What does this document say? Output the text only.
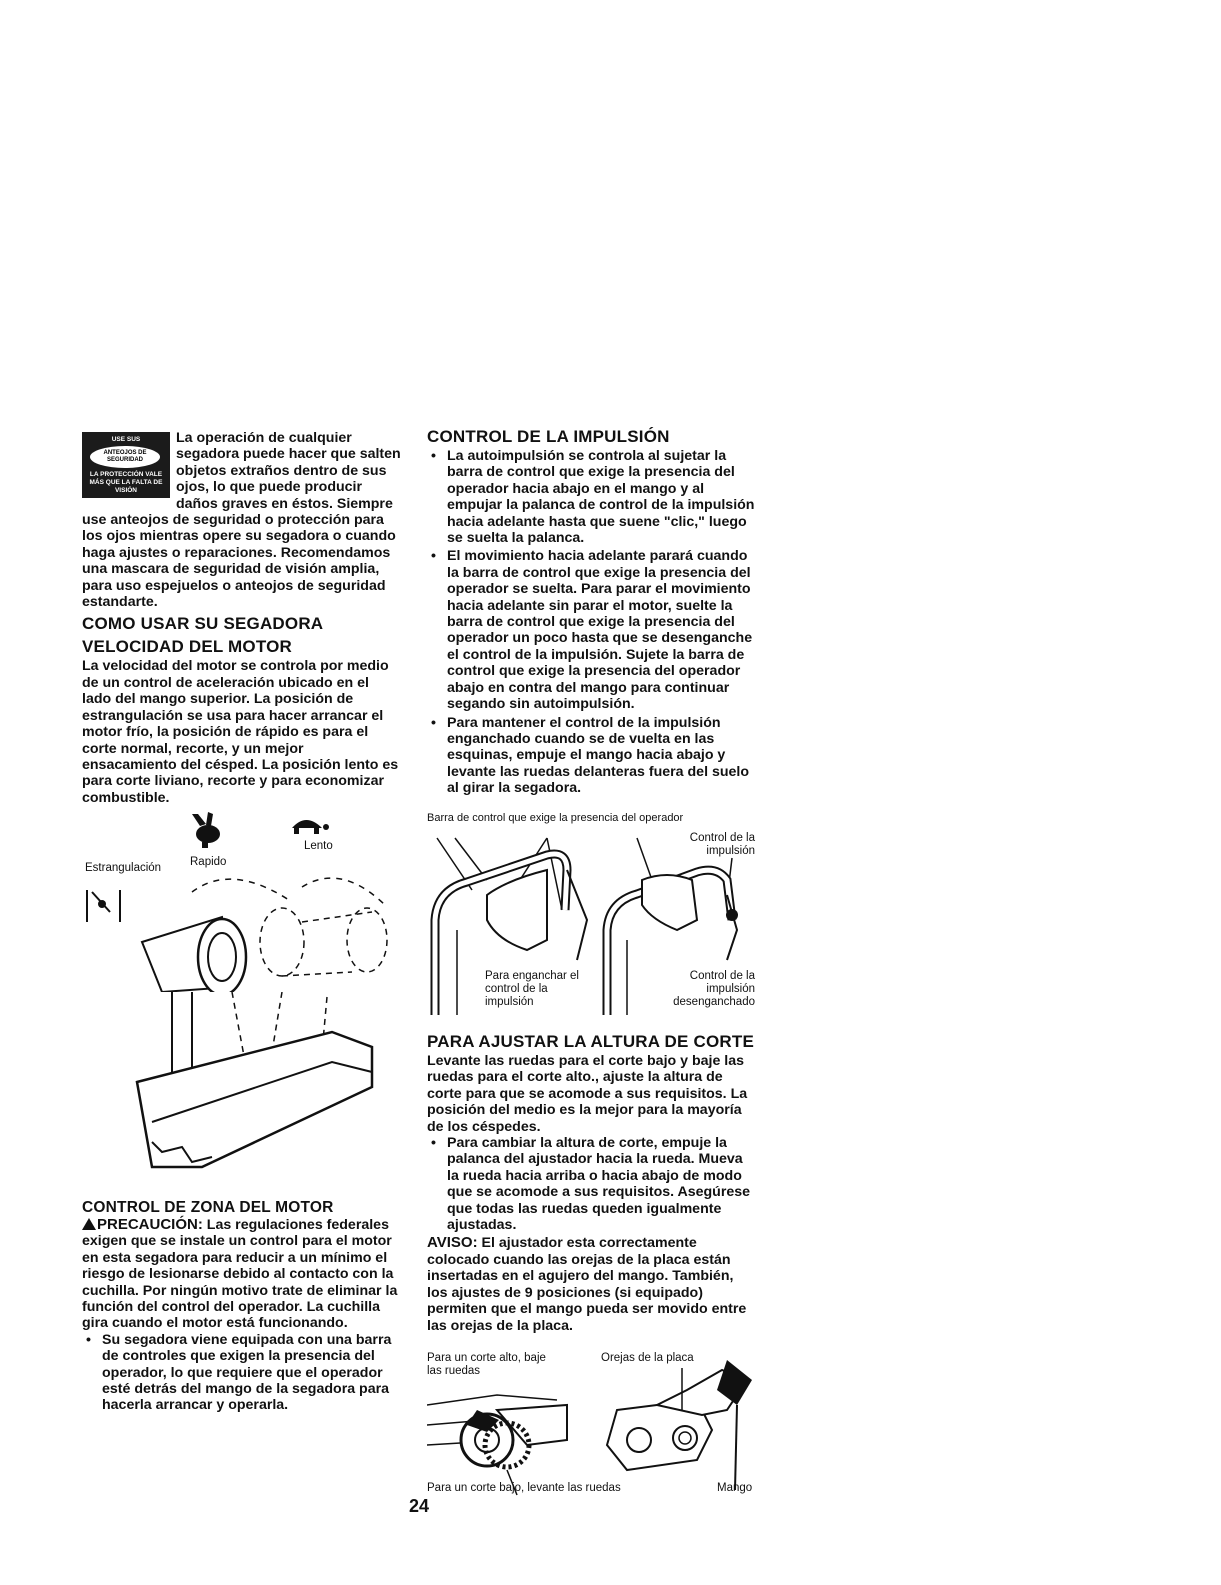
USE SUS
ANTEOJOS DE SEGURIDAD
LA PROTECCIÓN VALE MÁS QUE LA FALTA DE VISIÓN

La operación de cualquier segadora puede hacer que salten objetos extraños dentro de sus ojos, lo que puede producir daños graves en éstos. Siempre use anteojos de seguridad o protección para los ojos mientras opere su segadora o cuando haga ajustes o reparaciones. Recomendamos una mascara de seguridad de visión amplia, para uso espejuelos o anteojos de seguridad estandarte.

COMO USAR SU SEGADORA
VELOCIDAD DEL MOTOR

La velocidad del motor se controla por medio de un control de aceleración ubicado en el lado del mango superior. La posición de estrangulación se usa para hacer arrancar el motor frío, la posición de rápido es para el corte normal, recorte, y un mejor ensacamiento del césped. La posición lento es para corte liviano, recorte y para economizar combustible.

Estrangulación	Rapido
Lento
CONTROL DE ZONA DEL MOTOR

PRECAUCIÓN: Las regulaciones federales exigen que se instale un control para el motor en esta segadora para reducir a un mínimo el riesgo de lesionarse debido al contacto con la cuchilla. Por ningún motivo trate de eliminar la función del control del operador. La cuchilla gira cuando el motor está funcionando.

• Su segadora viene equipada con una barra de controles que exigen la presencia del operador, lo que requiere que el operador esté detrás del mango de la segadora para hacerla arrancar y operarla.
CONTROL DE LA IMPULSIÓN
• La autoimpulsión se controla al sujetar la barra de control que exige la presencia del operador hacia abajo en el mango y al empujar la palanca de control de la impulsión hacia adelante hasta que suene "clic," luego se suelta la palanca.
• El movimiento hacia adelante parará cuando la barra de control que exige la presencia del operador se suelta. Para parar el movimiento hacia adelante sin parar el motor, suelte la barra de control que exige la presencia del operador un poco hasta que se desenganche el control de la impulsión. Sujete la barra de control que exige la presencia del operador abajo en contra del mango para continuar segando sin autoimpulsión.
• Para mantener el control de la impulsión enganchado cuando se de vuelta en las esquinas, empuje el mango hacia abajo y levante las ruedas delanteras fuera del suelo al girar la segadora.
Barra de control que exige la presencia del operador
Control de la impulsión
Para enganchar el control de la impulsión
Control de la impulsión desenganchado
PARA AJUSTAR LA ALTURA DE CORTE

Levante las ruedas para el corte bajo y baje las ruedas para el corte alto., ajuste la altura de corte para que se acomode a sus requisitos. La posición del medio es la mejor para la mayoría de los céspedes.

• Para cambiar la altura de corte, empuje la palanca del ajustador hacia la rueda. Mueva la rueda hacia arriba o hacia abajo de modo que se acomode a sus requisitos. Asegúrese que todas las ruedas queden igualmente ajustadas.

AVISO: El ajustador esta correctamente colocado cuando las orejas de la placa están insertadas en el agujero del mango. También, los ajustes de 9 posiciones (si equipado) permiten que el mango pueda ser movido entre las orejas de la placa.

Para un corte alto, baje las ruedas
Orejas de la placa
Para un corte bajo, levante las ruedas	Mango
24
